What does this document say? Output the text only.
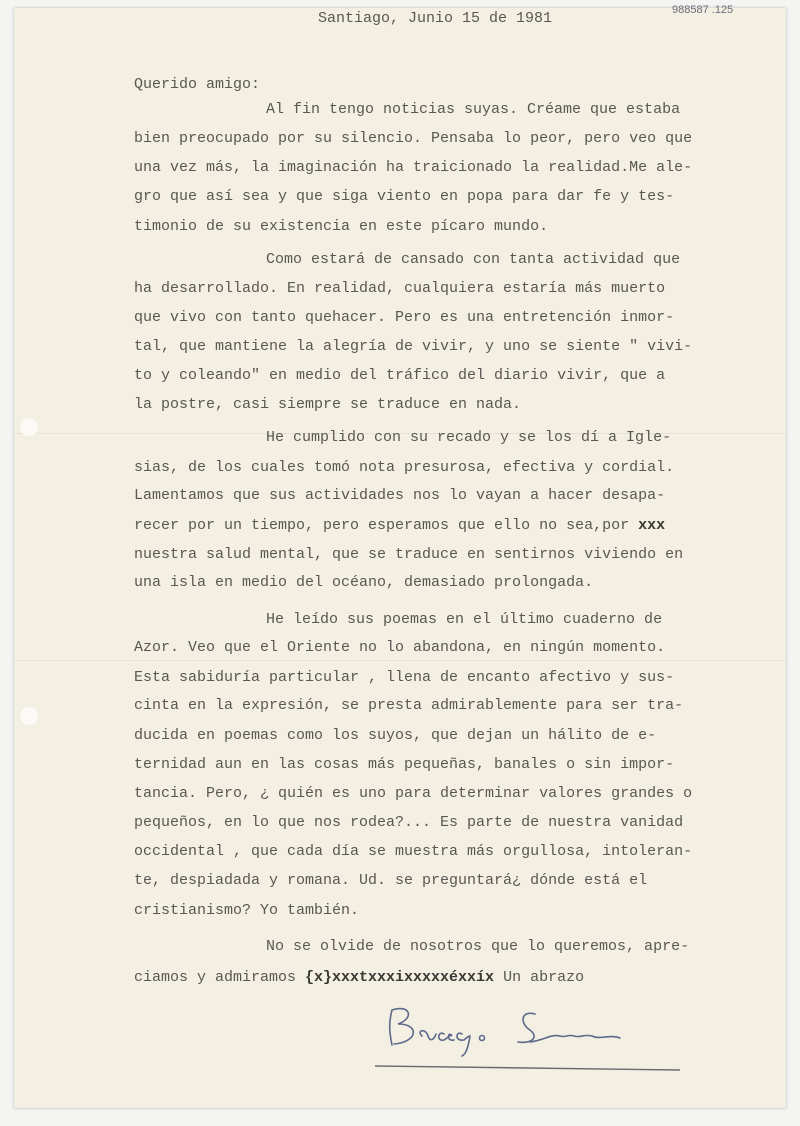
Santiago, Junio 15 de 1981	988587 .125
Querido amigo:
Al fin tengo noticias suyas. Créame que estaba
bien preocupado por su silencio. Pensaba lo peor, pero veo que
una vez más, la imaginación ha traicionado la realidad.Me ale-
gro que así sea y que siga viento en popa para dar fe y tes-
timonio de su existencia en este pícaro mundo.
Como estará de cansado con tanta actividad que
ha desarrollado. En realidad, cualquiera estaría más muerto
que vivo con tanto quehacer. Pero es una entretención inmor-
tal, que mantiene la alegría de vivir, y uno se siente " vivi-
to y coleando" en medio del tráfico del diario vivir, que a
la postre, casi siempre se traduce en nada.
He cumplido con su recado y se los dí a Igle-
sias, de los cuales tomó nota presurosa, efectiva y cordial.
Lamentamos que sus actividades nos lo vayan a hacer desapa-
recer por un tiempo, pero esperamos que ello no sea,por xxx
nuestra salud mental, que se traduce en sentirnos viviendo en
una isla en medio del océano, demasiado prolongada.
He leído sus poemas en el último cuaderno de
Azor. Veo que el Oriente no lo abandona, en ningún momento.
Esta sabiduría particular , llena de encanto afectivo y sus-
cinta en la expresión, se presta admirablemente para ser tra-
ducida en poemas como los suyos, que dejan un hálito de e-
ternidad aun en las cosas más pequeñas, banales o sin impor-
tancia. Pero, ¿ quién es uno para determinar valores grandes o
pequeños, en lo que nos rodea?... Es parte de nuestra vanidad
occidental , que cada día se muestra más orgullosa, intoleran-
te, despiadada y romana. Ud. se preguntará¿ dónde está el
cristianismo? Yo también.
No se olvide de nosotros que lo queremos, apre-
ciamos y admiramos {x}xxxtxxxixxxxxéxxíx Un abrazo
